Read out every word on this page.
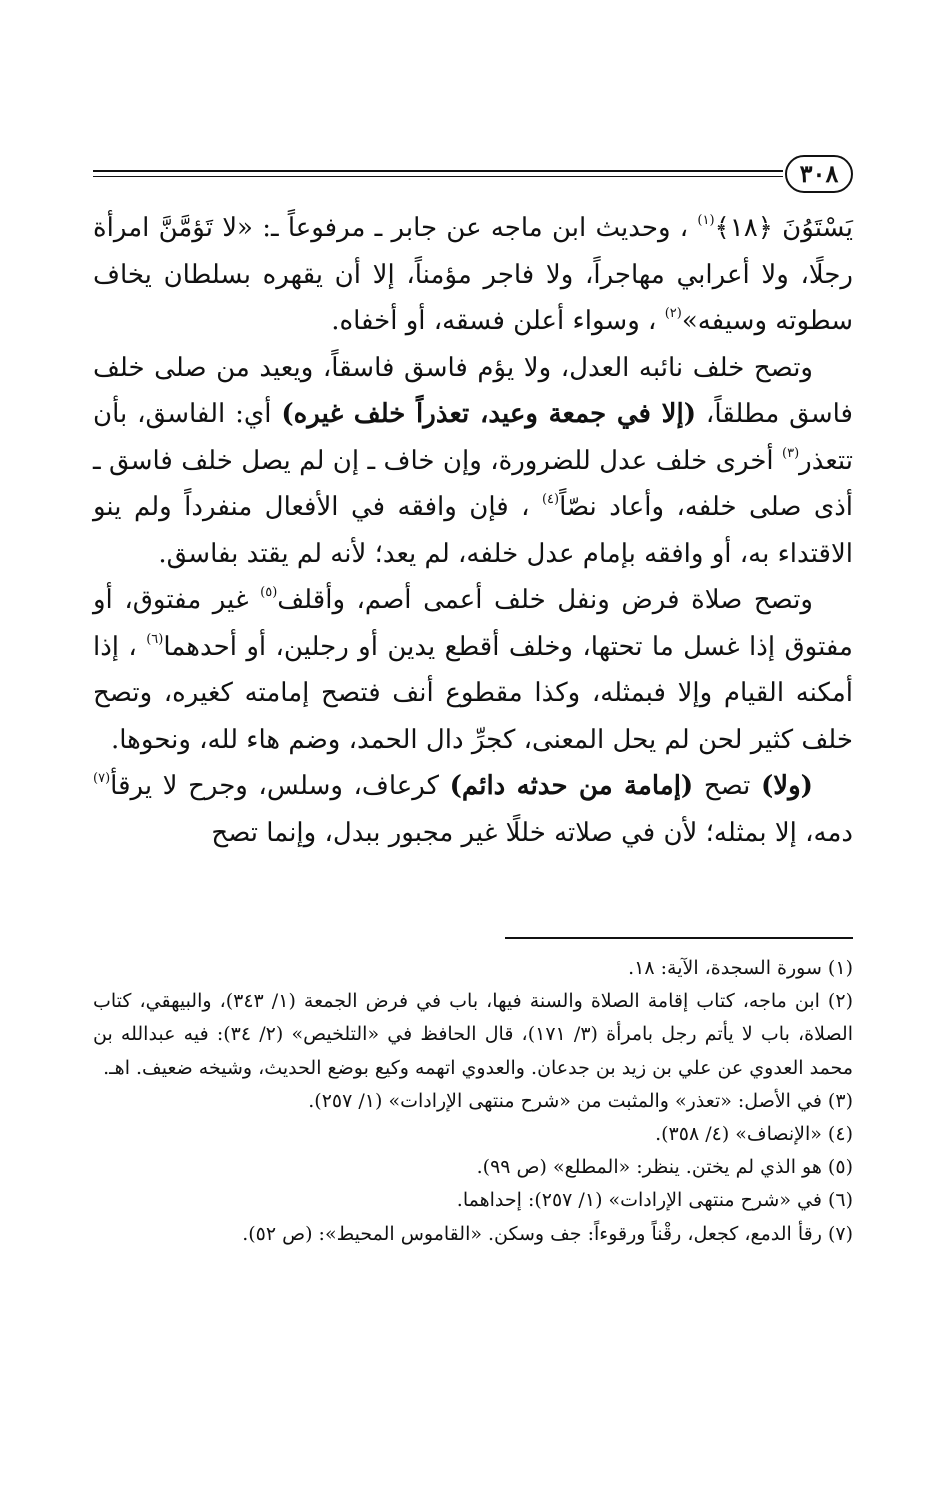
٣٠٨

يَسْتَوُنَ ﴿١٨﴾$^{(١)}$ ، وحديث ابن ماجه عن جابر ـ مرفوعاً ـ: «لا تَؤمَّنَّ امرأة رجلًا، ولا أعرابي مهاجراً، ولا فاجر مؤمناً، إلا أن يقهره بسلطان يخاف سطوته وسيفه»$^{(٢)}$ ، وسواء أعلن فسقه، أو أخفاه.

وتصح خلف نائبه العدل، ولا يؤم فاسق فاسقاً، ويعيد من صلى خلف فاسق مطلقاً، (إلا في جمعة وعيد، تعذراً خلف غيره) أي: الفاسق، بأن تتعذر$^{(٣)}$ أخرى خلف عدل للضرورة، وإن خاف ـ إن لم يصل خلف فاسق ـ أذى صلى خلفه، وأعاد نصّاً$^{(٤)}$ ، فإن وافقه في الأفعال منفرداً ولم ينو الاقتداء به، أو وافقه بإمام عدل خلفه، لم يعد؛ لأنه لم يقتد بفاسق.

وتصح صلاة فرض ونفل خلف أعمى أصم، وأقلف$^{(٥)}$ غير مفتوق، أو مفتوق إذا غسل ما تحتها، وخلف أقطع يدين أو رجلين، أو أحدهما$^{(٦)}$ ، إذا أمكنه القيام وإلا فبمثله، وكذا مقطوع أنف فتصح إمامته كغيره، وتصح خلف كثير لحن لم يحل المعنى، كجرِّ دال الحمد، وضم هاء لله، ونحوها.

(ولا) تصح (إمامة من حدثه دائم) كرعاف، وسلس، وجرح لا يرقأ$^{(٧)}$ دمه، إلا بمثله؛ لأن في صلاته خللًا غير مجبور ببدل، وإنما تصح

(١) سورة السجدة، الآية: ١٨.

(٢) ابن ماجه، كتاب إقامة الصلاة والسنة فيها، باب في فرض الجمعة (١/ ٣٤٣)، والبيهقي، كتاب الصلاة، باب لا يأتم رجل بامرأة (٣/ ١٧١)، قال الحافظ في «التلخيص» (٢/ ٣٤): فيه عبدالله بن محمد العدوي عن علي بن زيد بن جدعان. والعدوي اتهمه وكيع بوضع الحديث، وشيخه ضعيف. اهـ.

(٣) في الأصل: «تعذر» والمثبت من «شرح منتهى الإرادات» (١/ ٢٥٧).

(٤) «الإنصاف» (٤/ ٣٥٨).

(٥) هو الذي لم يختن. ينظر: «المطلع» (ص ٩٩).

(٦) في «شرح منتهى الإرادات» (١/ ٢٥٧): إحداهما.

(٧) رقأ الدمع، كجعل، رقْناً ورقوءاً: جف وسكن. «القاموس المحيط»: (ص ٥٢).
